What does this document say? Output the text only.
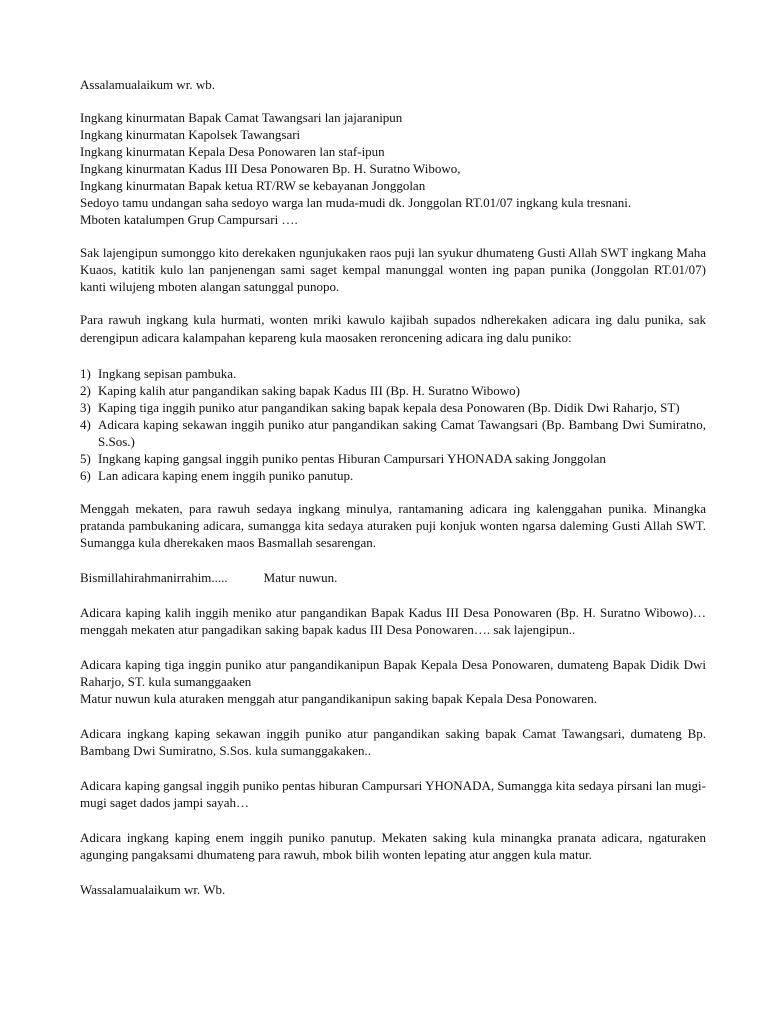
Assalamualaikum wr. wb.
Ingkang kinurmatan Bapak Camat Tawangsari lan jajaranipun
Ingkang kinurmatan Kapolsek Tawangsari
Ingkang kinurmatan Kepala Desa Ponowaren lan staf-ipun
Ingkang kinurmatan Kadus III Desa Ponowaren Bp. H. Suratno Wibowo,
Ingkang kinurmatan Bapak ketua RT/RW se kebayanan Jonggolan
Sedoyo tamu undangan saha sedoyo warga lan muda-mudi dk. Jonggolan RT.01/07 ingkang kula tresnani.
Mboten katalumpen Grup Campursari ….
Sak lajengipun sumonggo kito derekaken ngunjukaken raos puji lan syukur dhumateng Gusti Allah SWT ingkang Maha Kuaos, katitik kulo lan panjenengan sami saget kempal manunggal wonten ing papan punika (Jonggolan RT.01/07) kanti wilujeng mboten alangan satunggal punopo.
Para rawuh ingkang kula hurmati, wonten mriki kawulo kajibah supados ndherekaken adicara ing dalu punika, sak derengipun adicara kalampahan kepareng kula maosaken reroncening adicara ing dalu puniko:
1) Ingkang sepisan pambuka.
2) Kaping kalih atur pangandikan saking bapak Kadus III (Bp. H. Suratno Wibowo)
3) Kaping tiga inggih puniko atur pangandikan saking bapak kepala desa Ponowaren (Bp. Didik Dwi Raharjo, ST)
4) Adicara kaping sekawan inggih puniko atur pangandikan saking Camat Tawangsari (Bp. Bambang Dwi Sumiratno, S.Sos.)
5) Ingkang kaping gangsal inggih puniko pentas Hiburan Campursari YHONADA saking Jonggolan
6) Lan adicara kaping enem inggih puniko panutup.
Menggah mekaten, para rawuh sedaya ingkang minulya, rantamaning adicara ing kalenggahan punika. Minangka pratanda pambukaning adicara, sumangga kita sedaya aturaken puji konjuk wonten ngarsa daleming Gusti Allah SWT. Sumangga kula dherekaken maos Basmallah sesarengan.
Bismillahirahmanirrahim.....	Matur nuwun.
Adicara kaping kalih inggih meniko atur pangandikan Bapak Kadus III Desa Ponowaren (Bp. H. Suratno Wibowo)… menggah mekaten atur pangadikan saking bapak kadus III Desa Ponowaren…. sak lajengipun..
Adicara kaping tiga inggin puniko atur pangandikanipun Bapak Kepala Desa Ponowaren, dumateng Bapak Didik Dwi Raharjo, ST. kula sumanggaaken
Matur nuwun kula aturaken menggah atur pangandikanipun saking bapak Kepala Desa Ponowaren.
Adicara ingkang kaping sekawan inggih puniko atur pangandikan saking bapak Camat Tawangsari, dumateng Bp. Bambang Dwi Sumiratno, S.Sos. kula sumanggakaken..
Adicara kaping gangsal inggih puniko pentas hiburan Campursari YHONADA, Sumangga kita sedaya pirsani lan mugi-mugi saget dados jampi sayah…
Adicara ingkang kaping enem inggih puniko panutup. Mekaten saking kula minangka pranata adicara, ngaturaken agunging pangaksami dhumateng para rawuh, mbok bilih wonten lepating atur anggen kula matur.
Wassalamualaikum wr. Wb.
